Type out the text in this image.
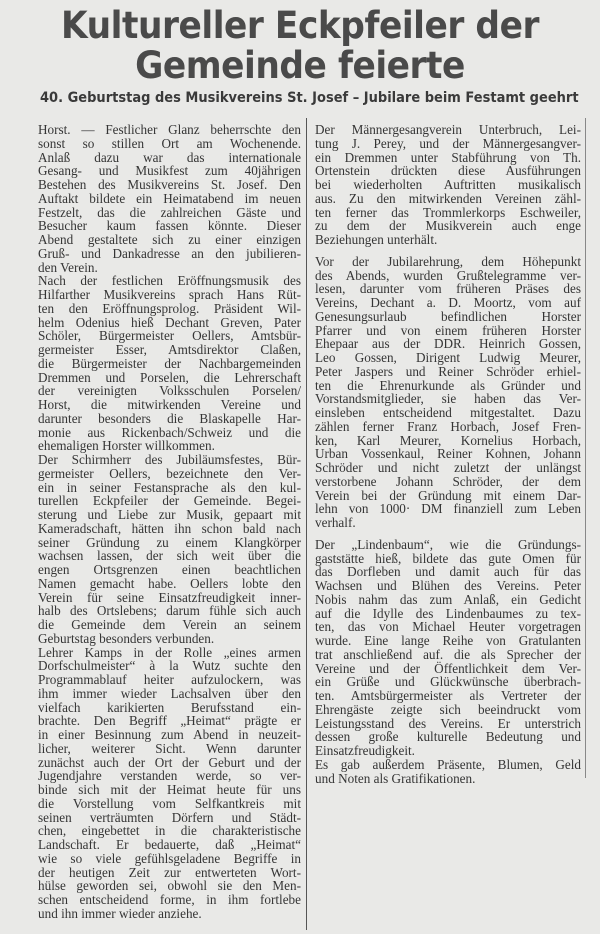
Kultureller Eckpfeiler der
Gemeinde feierte
40. Geburtstag des Musikvereins St. Josef – Jubilare beim Festamt geehrt
Horst. — Festlicher Glanz beherrschte den
sonst so stillen Ort am Wochenende.
Anlaß dazu war das internationale
Gesang- und Musikfest zum 40jährigen
Bestehen des Musikvereins St. Josef. Den
Auftakt bildete ein Heimatabend im neuen
Festzelt, das die zahlreichen Gäste und
Besucher kaum fassen könnte. Dieser
Abend gestaltete sich zu einer einzigen
Gruß- und Dankadresse an den jubilieren-
den Verein.
Nach der festlichen Eröffnungsmusik des
Hilfarther Musikvereins sprach Hans Rüt-
ten den Eröffnungsprolog. Präsident Wil-
helm Odenius hieß Dechant Greven, Pater
Schöler, Bürgermeister Oellers, Amtsbür-
germeister Esser, Amtsdirektor Claßen,
die Bürgermeister der Nachbargemeinden
Dremmen und Porselen, die Lehrerschaft
der vereinigten Volksschulen Porselen/
Horst, die mitwirkenden Vereine und
darunter besonders die Blaskapelle Har-
monie aus Rickenbach/Schweiz und die
ehemaligen Horster willkommen.
Der Schirmherr des Jubiläumsfestes, Bür-
germeister Oellers, bezeichnete den Ver-
ein in seiner Festansprache als den kul-
turellen Eckpfeiler der Gemeinde. Begei-
sterung und Liebe zur Musik, gepaart mit
Kameradschaft, hätten ihn schon bald nach
seiner Gründung zu einem Klangkörper
wachsen lassen, der sich weit über die
engen Ortsgrenzen einen beachtlichen
Namen gemacht habe. Oellers lobte den
Verein für seine Einsatzfreudigkeit inner-
halb des Ortslebens; darum fühle sich auch
die Gemeinde dem Verein an seinem
Geburtstag besonders verbunden.
Lehrer Kamps in der Rolle „eines armen
Dorfschulmeister“ à la Wutz suchte den
Programmablauf heiter aufzulockern, was
ihm immer wieder Lachsalven über den
vielfach karikierten Berufsstand ein-
brachte. Den Begriff „Heimat“ prägte er
in einer Besinnung zum Abend in neuzeit-
licher, weiterer Sicht. Wenn darunter
zunächst auch der Ort der Geburt und der
Jugendjahre verstanden werde, so ver-
binde sich mit der Heimat heute für uns
die Vorstellung vom Selfkantkreis mit
seinen verträumten Dörfern und Städt-
chen, eingebettet in die charakteristische
Landschaft. Er bedauerte, daß „Heimat“
wie so viele gefühlsgeladene Begriffe in
der heutigen Zeit zur entwerteten Wort-
hülse geworden sei, obwohl sie den Men-
schen entscheidend forme, in ihm fortlebe
und ihn immer wieder anziehe.
Der Männergesangverein Unterbruch, Lei-
tung J. Perey, und der Männergesangver-
ein Dremmen unter Stabführung von Th.
Ortenstein drückten diese Ausführungen
bei wiederholten Auftritten musikalisch
aus. Zu den mitwirkenden Vereinen zähl-
ten ferner das Trommlerkorps Eschweiler,
zu dem der Musikverein auch enge
Beziehungen unterhält.
Vor der Jubilarehrung, dem Höhepunkt
des Abends, wurden Grußtelegramme ver-
lesen, darunter vom früheren Präses des
Vereins, Dechant a. D. Moortz, vom auf
Genesungsurlaub befindlichen Horster
Pfarrer und von einem früheren Horster
Ehepaar aus der DDR. Heinrich Gossen,
Leo Gossen, Dirigent Ludwig Meurer,
Peter Jaspers und Reiner Schröder erhiel-
ten die Ehrenurkunde als Gründer und
Vorstandsmitglieder, sie haben das Ver-
einsleben entscheidend mitgestaltet. Dazu
zählen ferner Franz Horbach, Josef Fren-
ken, Karl Meurer, Kornelius Horbach,
Urban Vossenkaul, Reiner Kohnen, Johann
Schröder und nicht zuletzt der unlängst
verstorbene Johann Schröder, der dem
Verein bei der Gründung mit einem Dar-
lehn von 1000· DM finanziell zum Leben
verhalf.
Der „Lindenbaum“, wie die Gründungs-
gaststätte hieß, bildete das gute Omen für
das Dorfleben und damit auch für das
Wachsen und Blühen des Vereins. Peter
Nobis nahm das zum Anlaß, ein Gedicht
auf die Idylle des Lindenbaumes zu tex-
ten, das von Michael Heuter vorgetragen
wurde. Eine lange Reihe von Gratulanten
trat anschließend auf. die als Sprecher der
Vereine und der Öffentlichkeit dem Ver-
ein Grüße und Glückwünsche überbrach-
ten. Amtsbürgermeister als Vertreter der
Ehrengäste zeigte sich beeindruckt vom
Leistungsstand des Vereins. Er unterstrich
dessen große kulturelle Bedeutung und
Einsatzfreudigkeit.
Es gab außerdem Präsente, Blumen, Geld
und Noten als Gratifikationen.
